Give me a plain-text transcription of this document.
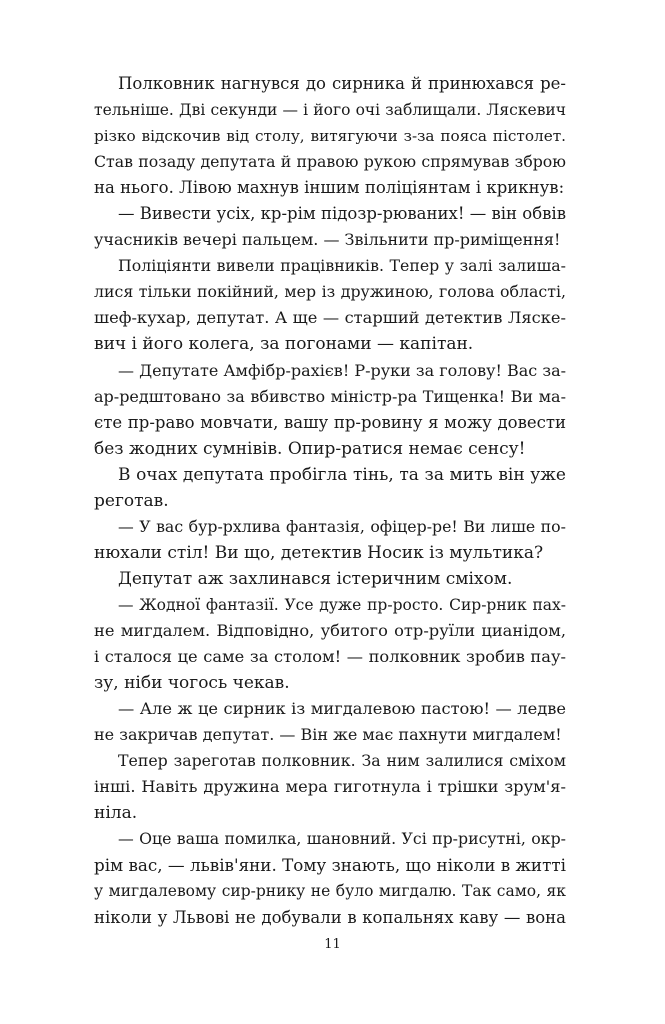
Полковник нагнувся до сирника й принюхався ре-
тельніше. Дві секунди — і його очі заблищали. Ляскевич
різко відскочив від столу, витягуючи з-за пояса пістолет.
Став позаду депутата й правою рукою спрямував зброю
на нього. Лівою махнув іншим поліціянтам і крикнув:
— Вивести усіх, кр-рім підозр-рюваних! — він обвів
учасників вечері пальцем. — Звільнити пр-риміщення!
Поліціянти вивели працівників. Тепер у залі залиша-
лися тільки покійний, мер із дружиною, голова області,
шеф-кухар, депутат. А ще — старший детектив Ляске-
вич і його колега, за погонами — капітан.
— Депутате Амфібр-рахієв! Р-руки за голову! Вас за-
ар-редштовано за вбивство міністр-ра Тищенка! Ви ма-
єте пр-раво мовчати, вашу пр-ровину я можу довести
без жодних сумнівів. Опир-ратися немає сенсу!
В очах депутата пробігла тінь, та за мить він уже
реготав.
— У вас бур-рхлива фантазія, офіцер-ре! Ви лише по-
нюхали стіл! Ви що, детектив Носик із мультика?
Депутат аж захлинався істеричним сміхом.
— Жодної фантазії. Усе дуже пр-росто. Сир-рник пах-
не мигдалем. Відповідно, убитого отр-руїли цианідом,
і сталося це саме за столом! — полковник зробив пау-
зу, ніби чогось чекав.
— Але ж це сирник із мигдалевою пастою! — ледве
не закричав депутат. — Він же має пахнути мигдалем!
Тепер зареготав полковник. За ним залилися сміхом
інші. Навіть дружина мера гиготнула і трішки зрум'я-
ніла.
— Оце ваша помилка, шановний. Усі пр-рисутні, окр-
рім вас, — львів'яни. Тому знають, що ніколи в житті
у мигдалевому сир-рнику не було мигдалю. Так само, як
ніколи у Львові не добували в копальнях каву — вона
11
